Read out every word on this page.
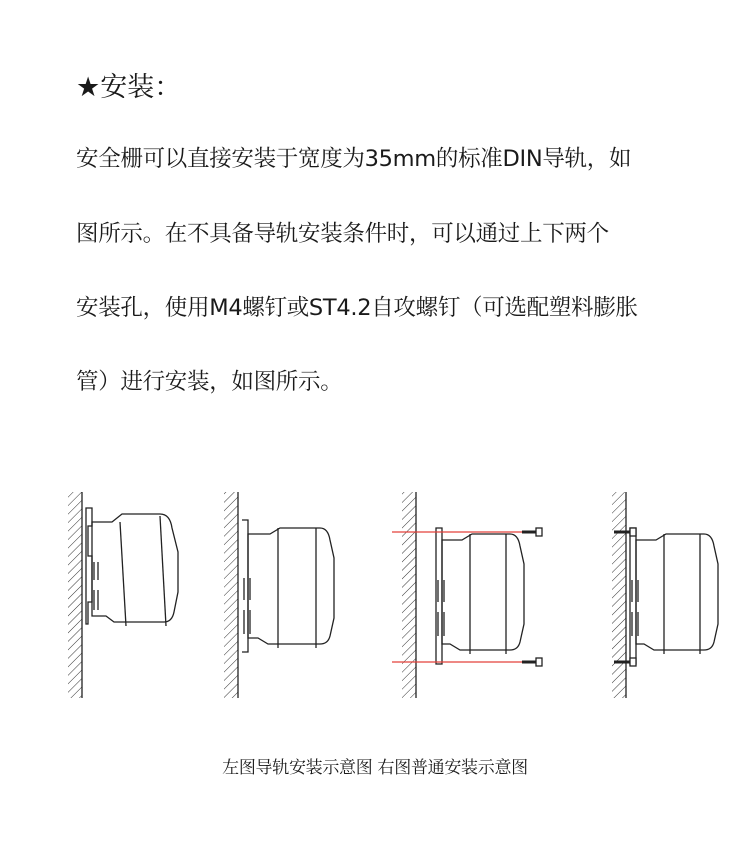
★安装：
安全栅可以直接安装于宽度为35mm的标准DIN导轨，如
图所示。在不具备导轨安装条件时，可以通过上下两个
安装孔，使用M4螺钉或ST4.2自攻螺钉（可选配塑料膨胀
管）进行安装，如图所示。
左图导轨安装示意图 右图普通安装示意图
